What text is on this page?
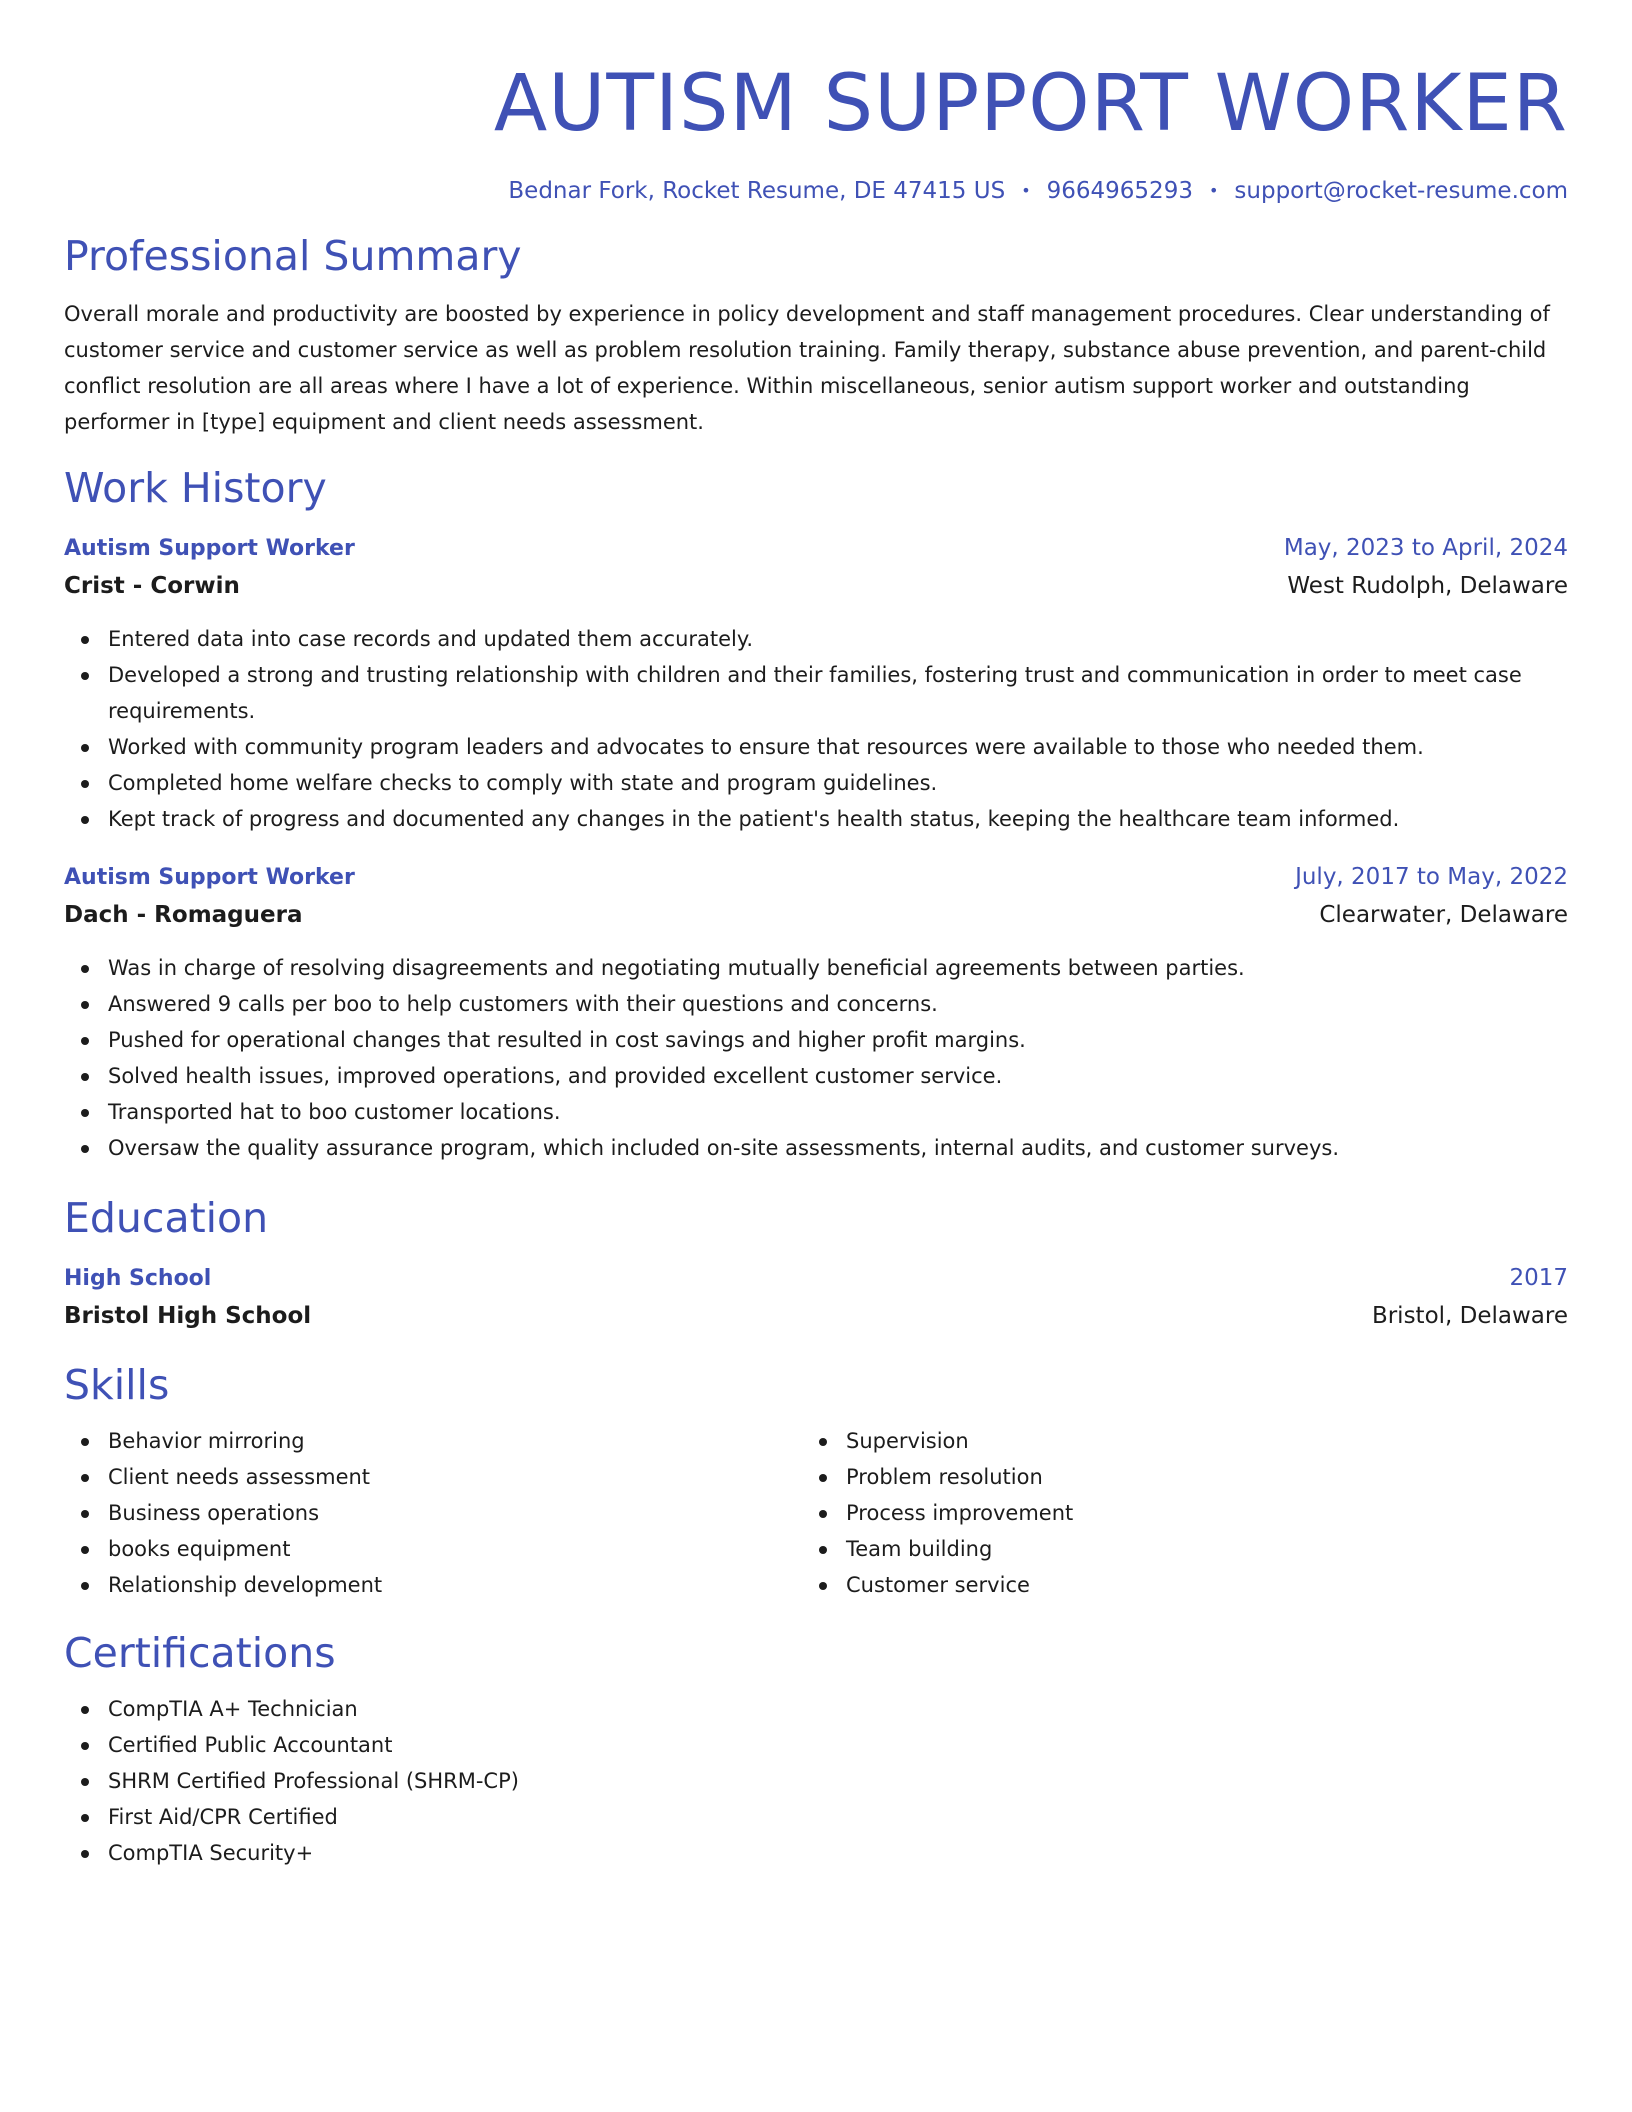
AUTISM SUPPORT WORKER
Bednar Fork, Rocket Resume, DE 47415 US • 9664965293 • support@rocket-resume.com
Professional Summary
Overall morale and productivity are boosted by experience in policy development and staff management procedures. Clear understanding of customer service and customer service as well as problem resolution training. Family therapy, substance abuse prevention, and parent-child conflict resolution are all areas where I have a lot of experience. Within miscellaneous, senior autism support worker and outstanding performer in [type] equipment and client needs assessment.
Work History
Autism Support Worker	May, 2023 to April, 2024
Crist - Corwin	West Rudolph, Delaware
Entered data into case records and updated them accurately.
Developed a strong and trusting relationship with children and their families, fostering trust and communication in order to meet case requirements.
Worked with community program leaders and advocates to ensure that resources were available to those who needed them.
Completed home welfare checks to comply with state and program guidelines.
Kept track of progress and documented any changes in the patient's health status, keeping the healthcare team informed.
Autism Support Worker	July, 2017 to May, 2022
Dach - Romaguera	Clearwater, Delaware
Was in charge of resolving disagreements and negotiating mutually beneficial agreements between parties.
Answered 9 calls per boo to help customers with their questions and concerns.
Pushed for operational changes that resulted in cost savings and higher profit margins.
Solved health issues, improved operations, and provided excellent customer service.
Transported hat to boo customer locations.
Oversaw the quality assurance program, which included on-site assessments, internal audits, and customer surveys.
Education
High School	2017
Bristol High School	Bristol, Delaware
Skills
Behavior mirroring
Client needs assessment
Business operations
books equipment
Relationship development
Supervision
Problem resolution
Process improvement
Team building
Customer service
Certifications
CompTIA A+ Technician
Certified Public Accountant
SHRM Certified Professional (SHRM-CP)
First Aid/CPR Certified
CompTIA Security+
